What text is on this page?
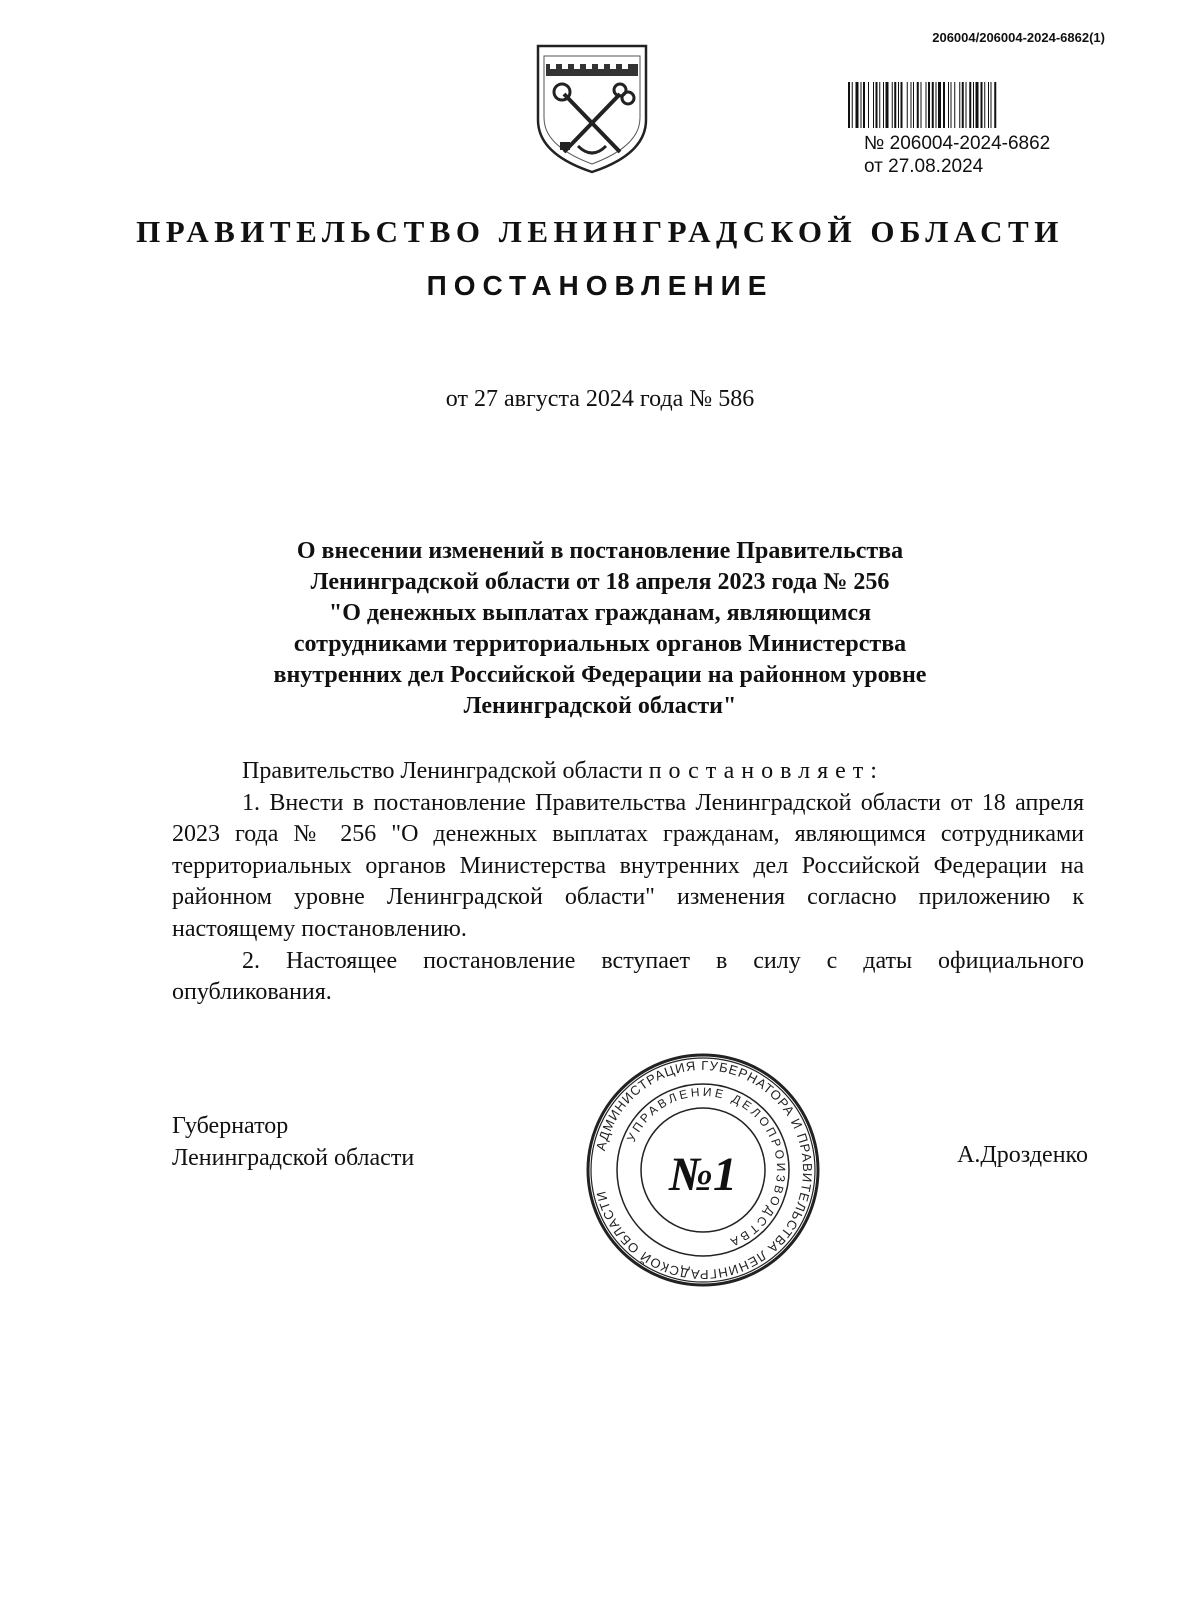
206004/206004-2024-6862(1)
№ 206004-2024-6862
от 27.08.2024
ПРАВИТЕЛЬСТВО ЛЕНИНГРАДСКОЙ ОБЛАСТИ
ПОСТАНОВЛЕНИЕ
от 27 августа 2024 года № 586
О внесении изменений в постановление Правительства
Ленинградской области от 18 апреля 2023 года № 256
"О денежных выплатах гражданам, являющимся
сотрудниками территориальных органов Министерства
внутренних дел Российской Федерации на районном уровне
Ленинградской области"

Правительство Ленинградской области постановляет:

1. Внести в постановление Правительства Ленинградской области от 18 апреля 2023 года № 256 "О денежных выплатах гражданам, являющимся сотрудниками территориальных органов Министерства внутренних дел Российской Федерации на районном уровне Ленинградской области" изменения согласно приложению к настоящему постановлению.

2. Настоящее постановление вступает в силу с даты официального опубликования.

Губернатор
Ленинградской области	АДМИНИСТРАЦИЯ ГУБЕРНАТОРА И ПРАВИТЕЛЬСТВА ЛЕНИНГРАДСКОЙ ОБЛАСТИ
УПРАВЛЕНИЕ ДЕЛОПРОИЗВОДСТВА
№1	А.Дрозденко
